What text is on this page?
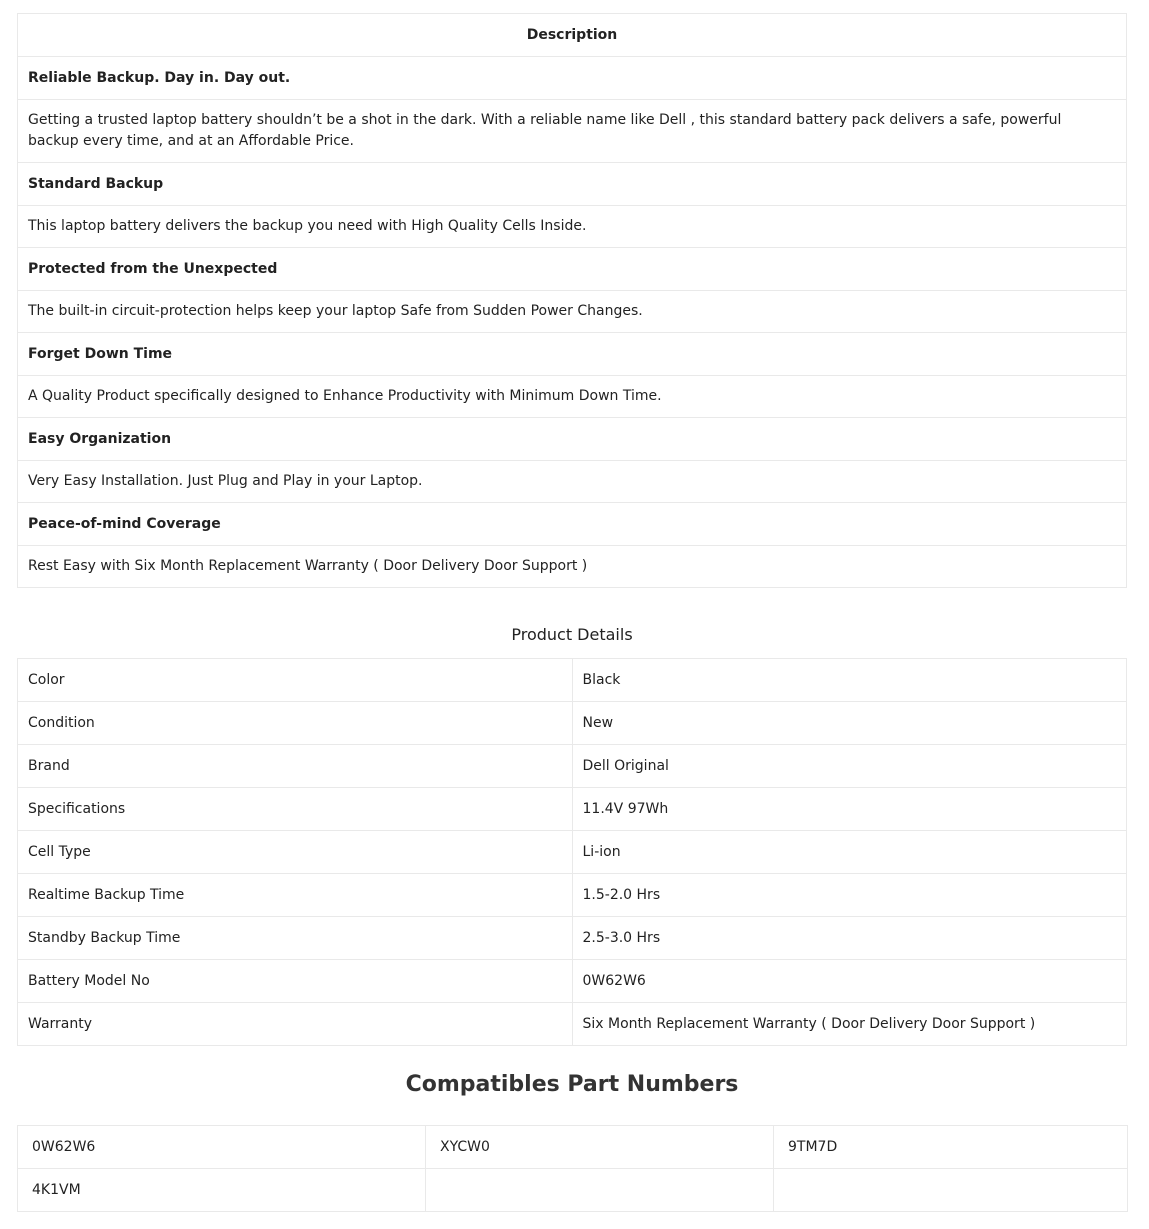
Description
Reliable Backup. Day in. Day out.
Getting a trusted laptop battery shouldn’t be a shot in the dark. With a reliable name like Dell , this standard battery pack delivers a safe, powerful backup every time, and at an Affordable Price.
Standard Backup
This laptop battery delivers the backup you need with High Quality Cells Inside.
Protected from the Unexpected
The built-in circuit-protection helps keep your laptop Safe from Sudden Power Changes.
Forget Down Time
A Quality Product specifically designed to Enhance Productivity with Minimum Down Time.
Easy Organization
Very Easy Installation. Just Plug and Play in your Laptop.
Peace-of-mind Coverage
Rest Easy with Six Month Replacement Warranty ( Door Delivery Door Support )
Product Details
Color	Black
Condition	New
Brand	Dell Original
Specifications	11.4V 97Wh
Cell Type	Li-ion
Realtime Backup Time	1.5-2.0 Hrs
Standby Backup Time	2.5-3.0 Hrs
Battery Model No	0W62W6
Warranty	Six Month Replacement Warranty ( Door Delivery Door Support )
Compatibles Part Numbers
0W62W6	XYCW0	9TM7D
4K1VM		
